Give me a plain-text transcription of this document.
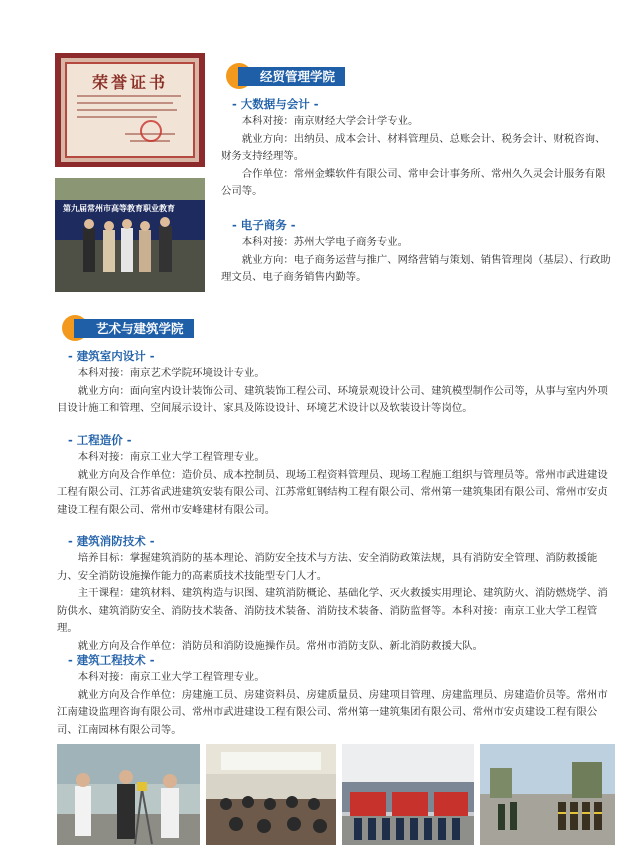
荣誉证书
第九届常州市高等教育职业教育
经贸管理学院
- 大数据与会计 -

本科对接：南京财经大学会计学专业。

就业方向：出纳员、成本会计、材料管理员、总账会计、税务会计、财税咨询、财务支持经理等。

合作单位：常州金蝶软件有限公司、常申会计事务所、常州久久灵会计服务有限公司等。

- 电子商务 -

本科对接：苏州大学电子商务专业。

就业方向：电子商务运营与推广、网络营销与策划、销售管理岗（基层）、行政助理文员、电子商务销售内勤等。

艺术与建筑学院
- 建筑室内设计 -

本科对接：南京艺术学院环境设计专业。

就业方向：面向室内设计装饰公司、建筑装饰工程公司、环境景观设计公司、建筑模型制作公司等，从事与室内外项目设计施工和管理、空间展示设计、家具及陈设设计、环境艺术设计以及软装设计等岗位。

- 工程造价 -

本科对接：南京工业大学工程管理专业。

就业方向及合作单位：造价员、成本控制员、现场工程资料管理员、现场工程施工组织与管理员等。常州市武进建设工程有限公司、江苏省武进建筑安装有限公司、江苏常虹钢结构工程有限公司、常州第一建筑集团有限公司、常州市安贞建设工程有限公司、常州市安峰建材有限公司。

- 建筑消防技术 -

培养目标：掌握建筑消防的基本理论、消防安全技术与方法、安全消防政策法规，具有消防安全管理、消防救援能力、安全消防设施操作能力的高素质技术技能型专门人才。

主干课程：建筑材料、建筑构造与识图、建筑消防概论、基础化学、灭火救援实用理论、建筑防火、消防燃烧学、消防供水、建筑消防安全、消防技术装备、消防技术装备、消防技术装备、消防监督等。本科对接：南京工业大学工程管理。

就业方向及合作单位：消防员和消防设施操作员。常州市消防支队、新北消防救援大队。

- 建筑工程技术 -

本科对接：南京工业大学工程管理专业。

就业方向及合作单位：房建施工员、房建资料员、房建质量员、房建项目管理、房建监理员、房建造价员等。常州市江南建设监理咨询有限公司、常州市武进建设工程有限公司、常州第一建筑集团有限公司、常州市安贞建设工程有限公司、江南园林有限公司等。
